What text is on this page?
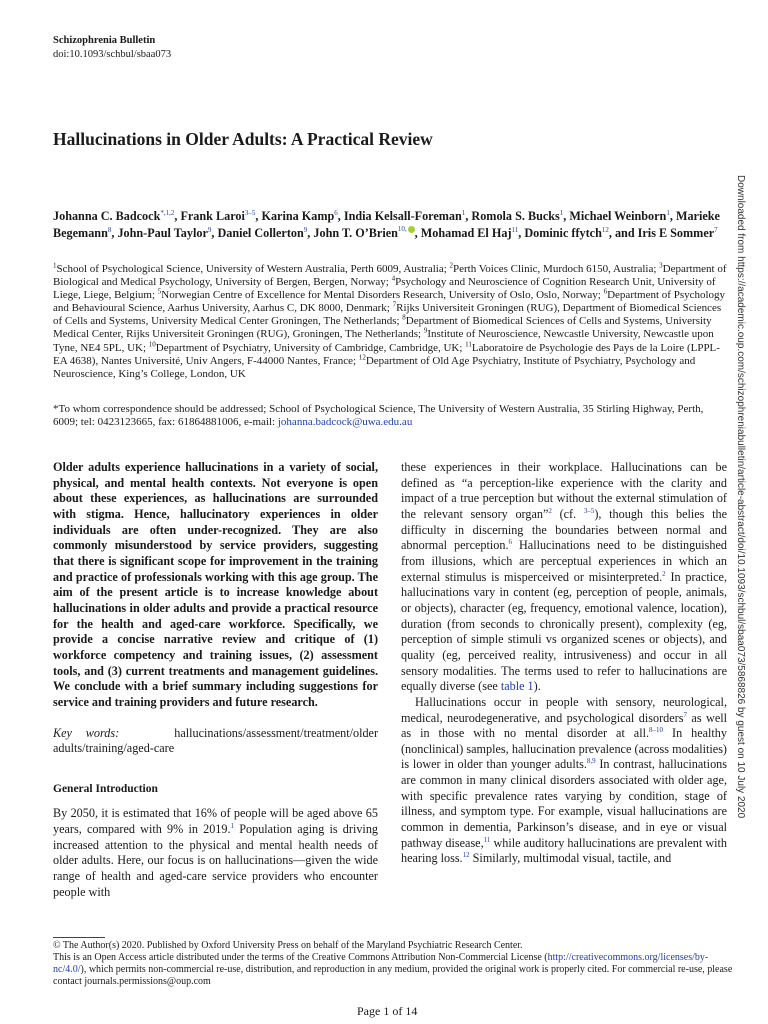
Schizophrenia Bulletin
doi:10.1093/schbul/sbaa073
Hallucinations in Older Adults: A Practical Review
Johanna C. Badcock$^{*,1,2}$, Frank Laroi$^{3-5}$, Karina Kamp$^6$, India Kelsall-Foreman$^1$, Romola S. Bucks$^1$, Michael Weinborn$^1$, Marieke Begemann$^8$, John-Paul Taylor$^9$, Daniel Collerton$^9$, John T. O’Brien$^{10,}$ , Mohamad El Haj$^{11}$, Dominic ffytch$^{12}$, and Iris E Sommer$^7$
$^1$School of Psychological Science, University of Western Australia, Perth 6009, Australia; $^2$Perth Voices Clinic, Murdoch 6150, Australia; $^3$Department of Biological and Medical Psychology, University of Bergen, Bergen, Norway; $^4$Psychology and Neuroscience of Cognition Research Unit, University of Liege, Liege, Belgium; $^5$Norwegian Centre of Excellence for Mental Disorders Research, University of Oslo, Oslo, Norway; $^6$Department of Psychology and Behavioural Science, Aarhus University, Aarhus C, DK 8000, Denmark; $^7$Rijks Universiteit Groningen (RUG), Department of Biomedical Sciences of Cells and Systems, University Medical Center Groningen, The Netherlands; $^8$Department of Biomedical Sciences of Cells and Systems, University Medical Center, Rijks Universiteit Groningen (RUG), Groningen, The Netherlands; $^9$Institute of Neuroscience, Newcastle University, Newcastle upon Tyne, NE4 5PL, UK; $^{10}$Department of Psychiatry, University of Cambridge, Cambridge, UK; $^{11}$Laboratoire de Psychologie des Pays de la Loire (LPPL-EA 4638), Nantes Université, Univ Angers, F-44000 Nantes, France; $^{12}$Department of Old Age Psychiatry, Institute of Psychiatry, Psychology and Neuroscience, King’s College, London, UK
*To whom correspondence should be addressed; School of Psychological Science, The University of Western Australia, 35 Stirling Highway, Perth, 6009; tel: 0423123665, fax: 61864881006, e-mail: johanna.badcock@uwa.edu.au

Older adults experience hallucinations in a variety of social, physical, and mental health contexts. Not everyone is open about these experiences, as hallucinations are surrounded with stigma. Hence, hallucinatory experiences in older individuals are often under-recognized. They are also commonly misunderstood by service providers, suggesting that there is significant scope for improvement in the training and practice of professionals working with this age group. The aim of the present article is to increase knowledge about hallucinations in older adults and provide a practical resource for the health and aged-care workforce. Specifically, we provide a concise narrative review and critique of (1) workforce competency and training issues, (2) assessment tools, and (3) current treatments and management guidelines. We conclude with a brief summary including suggestions for service and training providers and future research.

Key words:	hallucinations/assessment/treatment/older adults/training/aged-care

General Introduction

By 2050, it is estimated that 16% of people will be aged above 65 years, compared with 9% in 2019.$^1$ Population aging is driving increased attention to the physical and mental health needs of older adults. Here, our focus is on hallucinations—given the wide range of health and aged-care service providers who encounter people with

these experiences in their workplace. Hallucinations can be defined as “a perception-like experience with the clarity and impact of a true perception but without the external stimulation of the relevant sensory organ”$^2$ (cf. $^{3-5}$), though this belies the difficulty in discerning the boundaries between normal and abnormal perception.$^6$ Hallucinations need to be distinguished from illusions, which are perceptual experiences in which an external stimulus is misperceived or misinterpreted.$^2$ In practice, hallucinations vary in content (eg, perception of people, animals, or objects), character (eg, frequency, emotional valence, location), duration (from seconds to chronically present), complexity (eg, perception of simple stimuli vs organized scenes or objects), and quality (eg, perceived reality, intrusiveness) and occur in all sensory modalities. The terms used to refer to hallucinations are equally diverse (see table 1).

Hallucinations occur in people with sensory, neurological, medical, neurodegenerative, and psychological disorders$^7$ as well as in those with no mental disorder at all.$^{8-10}$ In healthy (nonclinical) samples, hallucination prevalence (across modalities) is lower in older than younger adults.$^{8,9}$ In contrast, hallucinations are common in many clinical disorders associated with older age, with specific prevalence rates varying by condition, stage of illness, and symptom type. For example, visual hallucinations are common in dementia, Parkinson’s disease, and in eye or visual pathway disease,$^{11}$ while auditory hallucinations are prevalent with hearing loss.$^{12}$ Similarly, multimodal visual, tactile, and

© The Author(s) 2020. Published by Oxford University Press on behalf of the Maryland Psychiatric Research Center.

This is an Open Access article distributed under the terms of the Creative Commons Attribution Non-Commercial License (http://creativecommons.org/licenses/by-nc/4.0/), which permits non-commercial re-use, distribution, and reproduction in any medium, provided the original work is properly cited. For commercial re-use, please contact journals.permissions@oup.com

Page 1 of 14
Downloaded from https://academic.oup.com/schizophreniabulletin/article-abstract/doi/10.1093/schbul/sbaa073/5868826 by guest on 10 July 2020
